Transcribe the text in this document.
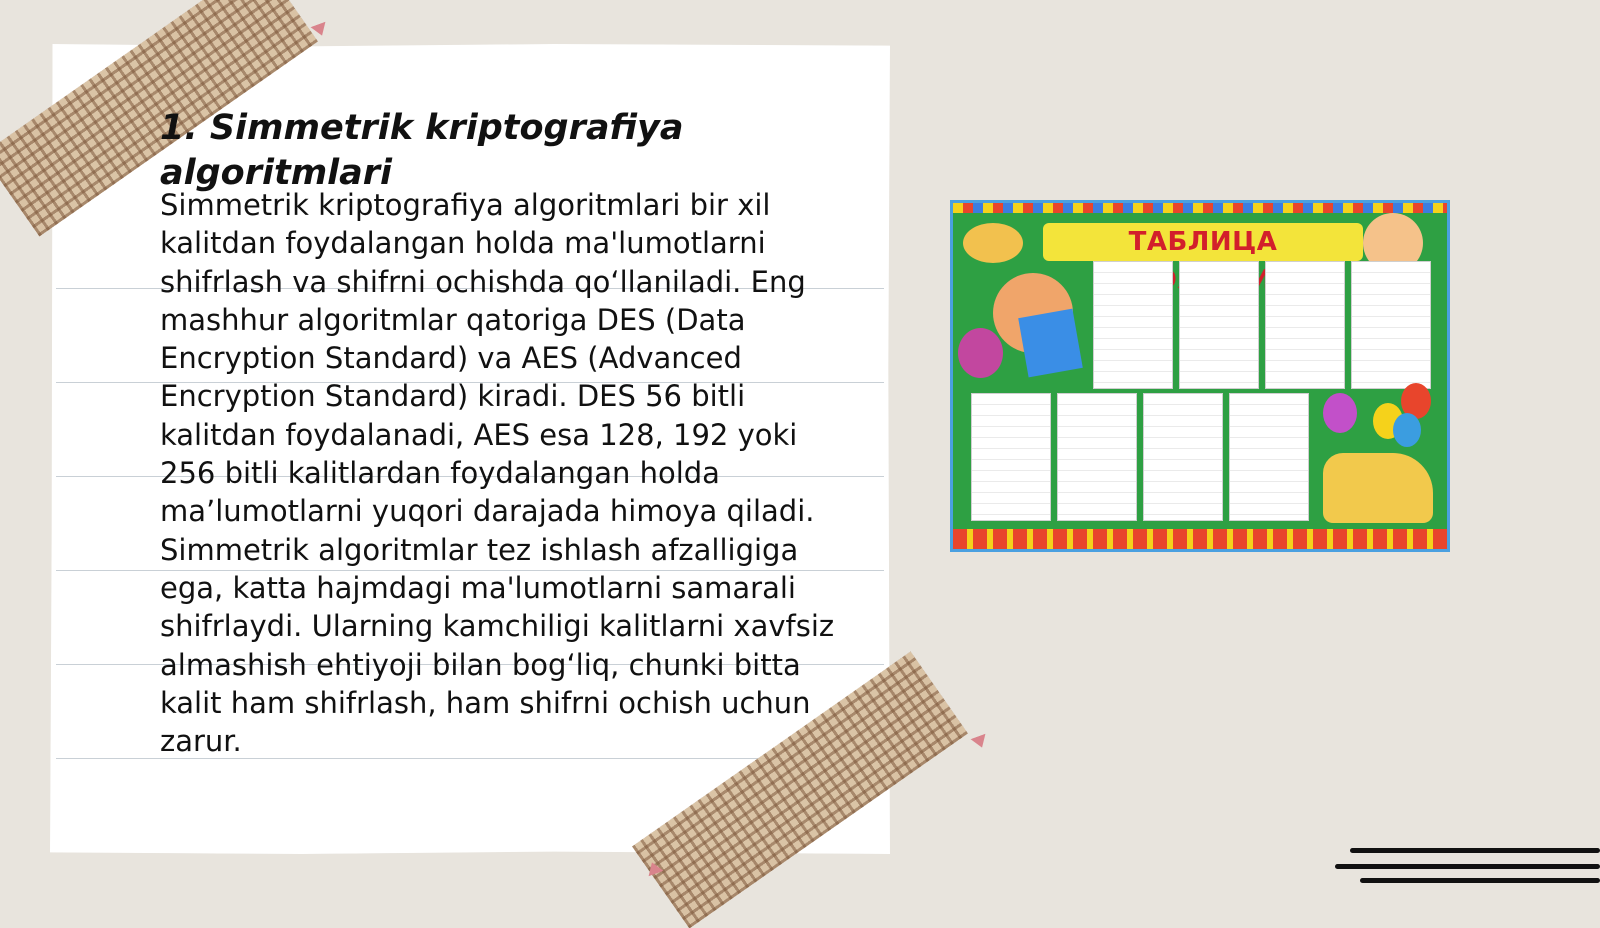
1. Simmetrik kriptografiya algoritmlari
Simmetrik kriptografiya algoritmlari bir xil kalitdan foydalangan holda ma'lumotlarni shifrlash va shifrni ochishda qo‘llaniladi. Eng mashhur algoritmlar qatoriga DES (Data Encryption Standard) va AES (Advanced Encryption Standard) kiradi. DES 56 bitli kalitdan foydalanadi, AES esa 128, 192 yoki 256 bitli kalitlardan foydalangan holda ma’lumotlarni yuqori darajada himoya qiladi. Simmetrik algoritmlar tez ishlash afzalligiga ega, katta hajmdagi ma'lumotlarni samarali shifrlaydi. Ularning kamchiligi kalitlarni xavfsiz almashish ehtiyoji bilan bog‘liq, chunki bitta kalit ham shifrlash, ham shifrni ochish uchun zarur.
ТАБЛИЦА
